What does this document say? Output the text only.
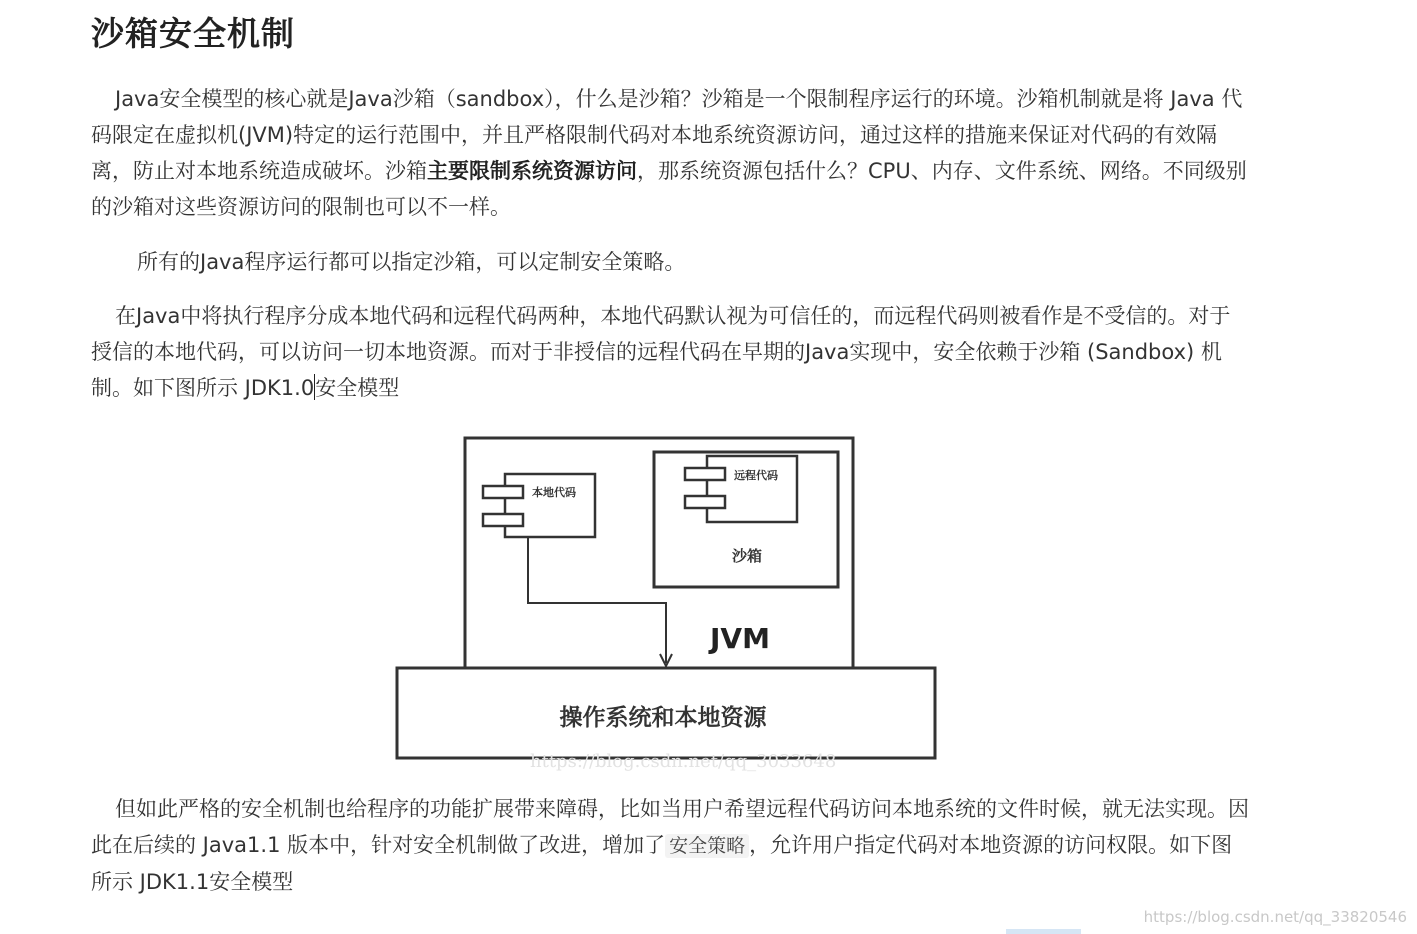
沙箱安全机制

Java安全模型的核心就是Java沙箱（sandbox），什么是沙箱？沙箱是一个限制程序运行的环境。沙箱机制就是将 Java 代码限定在虚拟机(JVM)特定的运行范围中，并且严格限制代码对本地系统资源访问，通过这样的措施来保证对代码的有效隔离，防止对本地系统造成破坏。沙箱主要限制系统资源访问，那系统资源包括什么？CPU、内存、文件系统、网络。不同级别的沙箱对这些资源访问的限制也可以不一样。

所有的Java程序运行都可以指定沙箱，可以定制安全策略。

在Java中将执行程序分成本地代码和远程代码两种，本地代码默认视为可信任的，而远程代码则被看作是不受信的。对于授信的本地代码，可以访问一切本地资源。而对于非授信的远程代码在早期的Java实现中，安全依赖于沙箱 (Sandbox) 机制。如下图所示 JDK1.0安全模型

但如此严格的安全机制也给程序的功能扩展带来障碍，比如当用户希望远程代码访问本地系统的文件时候，就无法实现。因此在后续的 Java1.1 版本中，针对安全机制做了改进，增加了 安全策略 ，允许用户指定代码对本地资源的访问权限。如下图所示 JDK1.1安全模型

本地代码
远程代码
沙箱
JVM
操作系统和本地资源
https://blog.csdn.net/qq_3033648
https://blog.csdn.net/qq_33820546
